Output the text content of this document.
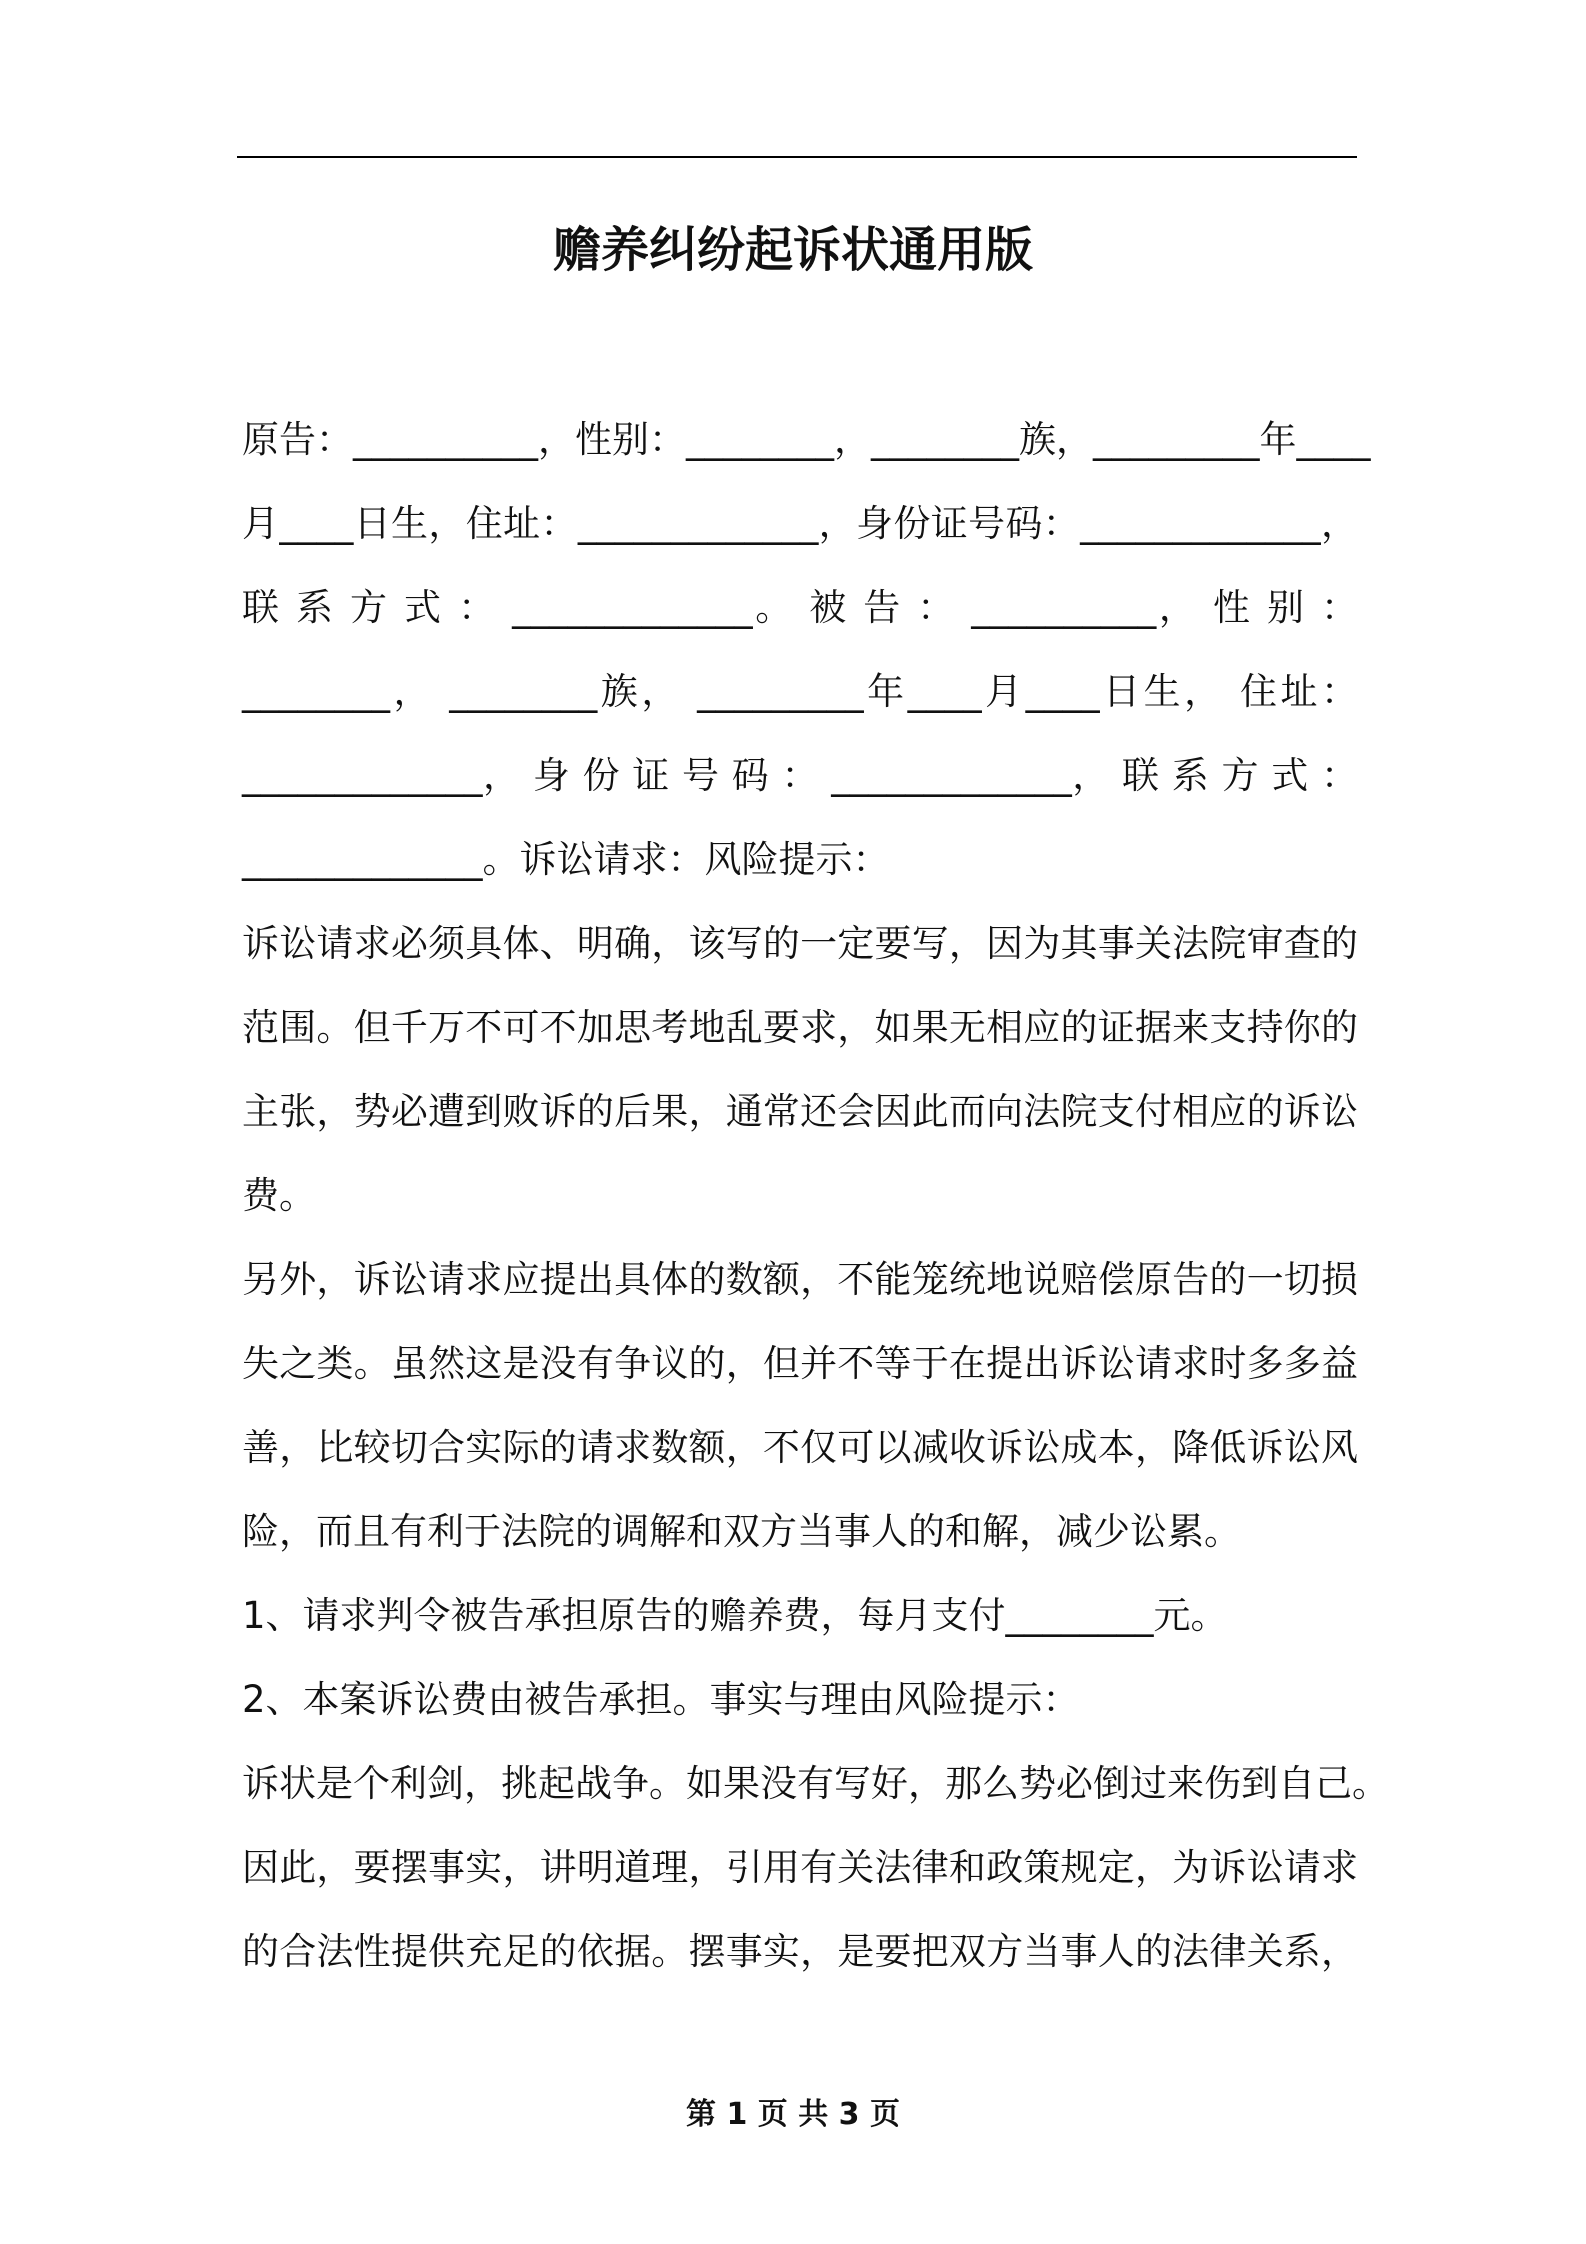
赡养纠纷起诉状通用版
原告：__________，性别：________，________族，_________年____
月____日生，住址：_____________，身份证号码：_____________，
联 系 方 式 ： _____________。 被 告 ： __________， 性 别 ：
________， ________族， _________年____月____日生， 住址：
_____________， 身 份 证 号 码 ： _____________， 联 系 方 式 ：
_____________。诉讼请求：风险提示：
诉讼请求必须具体、明确，该写的一定要写，因为其事关法院审查的
范围。但千万不可不加思考地乱要求，如果无相应的证据来支持你的
主张，势必遭到败诉的后果，通常还会因此而向法院支付相应的诉讼
费。
另外，诉讼请求应提出具体的数额，不能笼统地说赔偿原告的一切损
失之类。虽然这是没有争议的，但并不等于在提出诉讼请求时多多益
善，比较切合实际的请求数额，不仅可以减收诉讼成本，降低诉讼风
险，而且有利于法院的调解和双方当事人的和解，减少讼累。
1、请求判令被告承担原告的赡养费，每月支付________元。
2、本案诉讼费由被告承担。事实与理由风险提示：
诉状是个利剑，挑起战争。如果没有写好，那么势必倒过来伤到自己。
因此，要摆事实，讲明道理，引用有关法律和政策规定，为诉讼请求
的合法性提供充足的依据。摆事实，是要把双方当事人的法律关系，
第 1 页 共 3 页
